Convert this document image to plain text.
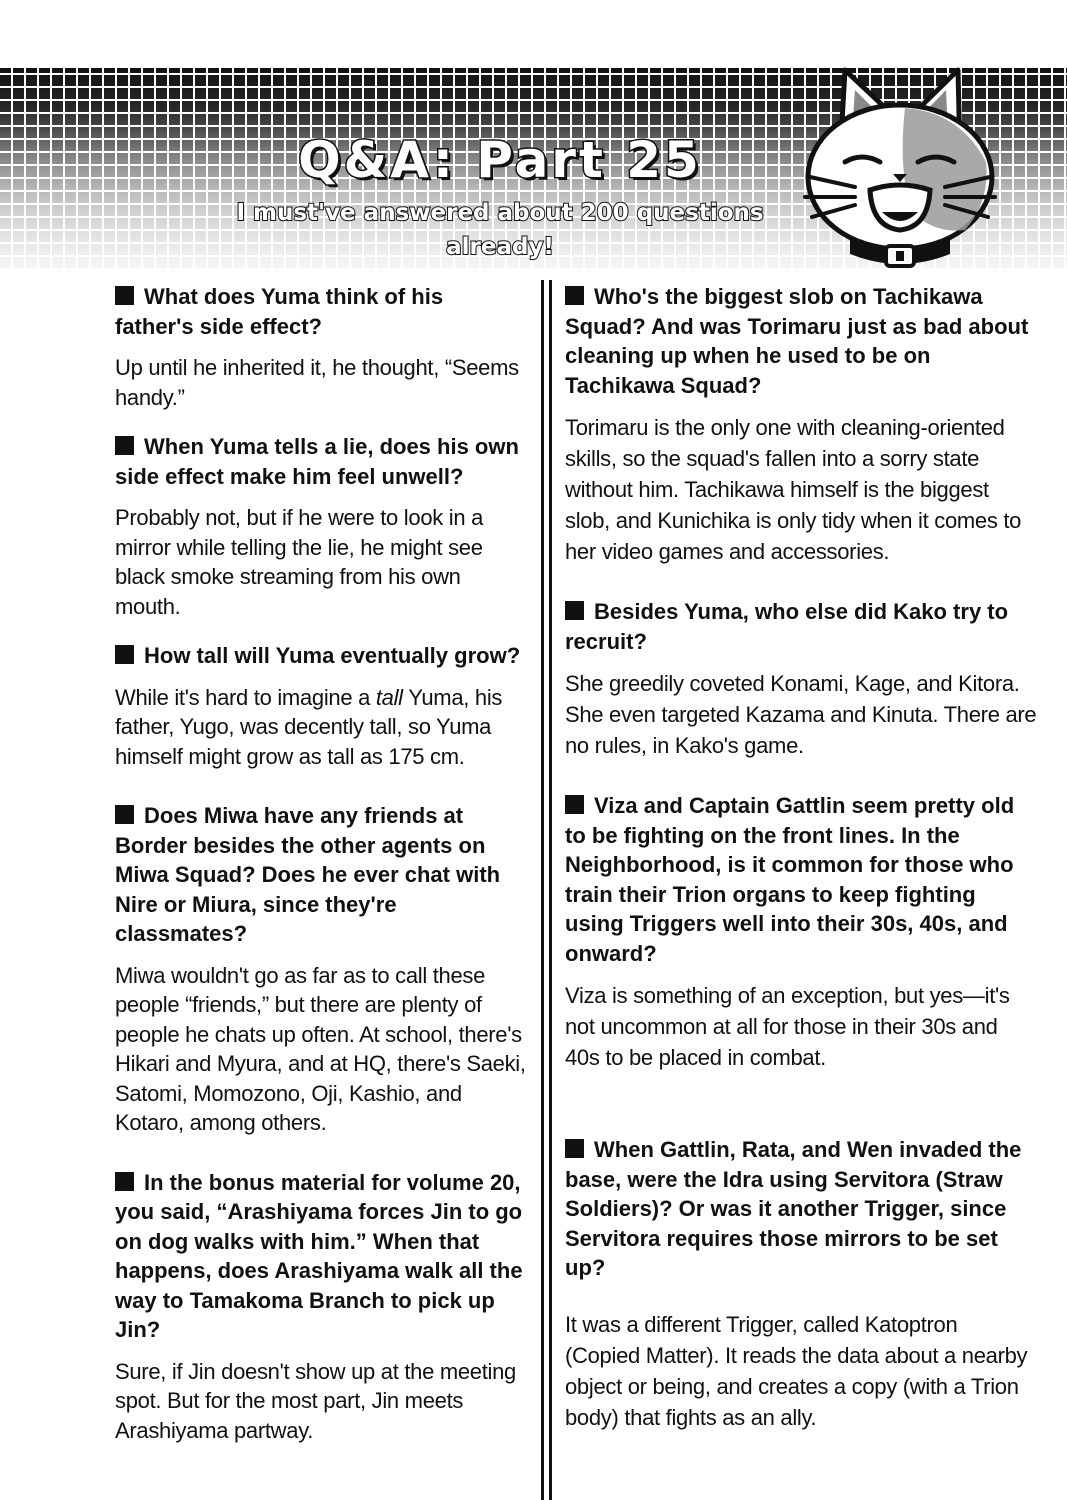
Q&A: Part 25
I must've answered about 200 questions already!
What does Yuma think of his father's side effect?
Up until he inherited it, he thought, “Seems handy.”
When Yuma tells a lie, does his own side effect make him feel unwell?
Probably not, but if he were to look in a mirror while telling the lie, he might see black smoke streaming from his own mouth.
How tall will Yuma eventually grow?
While it's hard to imagine a tall Yuma, his father, Yugo, was decently tall, so Yuma himself might grow as tall as 175 cm.
Does Miwa have any friends at Border besides the other agents on Miwa Squad? Does he ever chat with Nire or Miura, since they're classmates?
Miwa wouldn't go as far as to call these people “friends,” but there are plenty of people he chats up often. At school, there's Hikari and Myura, and at HQ, there's Saeki, Satomi, Momozono, Oji, Kashio, and Kotaro, among others.
In the bonus material for volume 20, you said, “Arashiyama forces Jin to go on dog walks with him.” When that happens, does Arashiyama walk all the way to Tamakoma Branch to pick up Jin?
Sure, if Jin doesn't show up at the meeting spot. But for the most part, Jin meets Arashiyama partway.
Who's the biggest slob on Tachikawa Squad? And was Torimaru just as bad about cleaning up when he used to be on Tachikawa Squad?
Torimaru is the only one with cleaning-oriented skills, so the squad's fallen into a sorry state without him. Tachikawa himself is the biggest slob, and Kunichika is only tidy when it comes to her video games and accessories.
Besides Yuma, who else did Kako try to recruit?
She greedily coveted Konami, Kage, and Kitora. She even targeted Kazama and Kinuta. There are no rules, in Kako's game.
Viza and Captain Gattlin seem pretty old to be fighting on the front lines. In the Neighborhood, is it common for those who train their Trion organs to keep fighting using Triggers well into their 30s, 40s, and onward?
Viza is something of an exception, but yes—it's not uncommon at all for those in their 30s and 40s to be placed in combat.
When Gattlin, Rata, and Wen invaded the base, were the Idra using Servitora (Straw Soldiers)? Or was it another Trigger, since Servitora requires those mirrors to be set up?
It was a different Trigger, called Katoptron (Copied Matter). It reads the data about a nearby object or being, and creates a copy (with a Trion body) that fights as an ally.
